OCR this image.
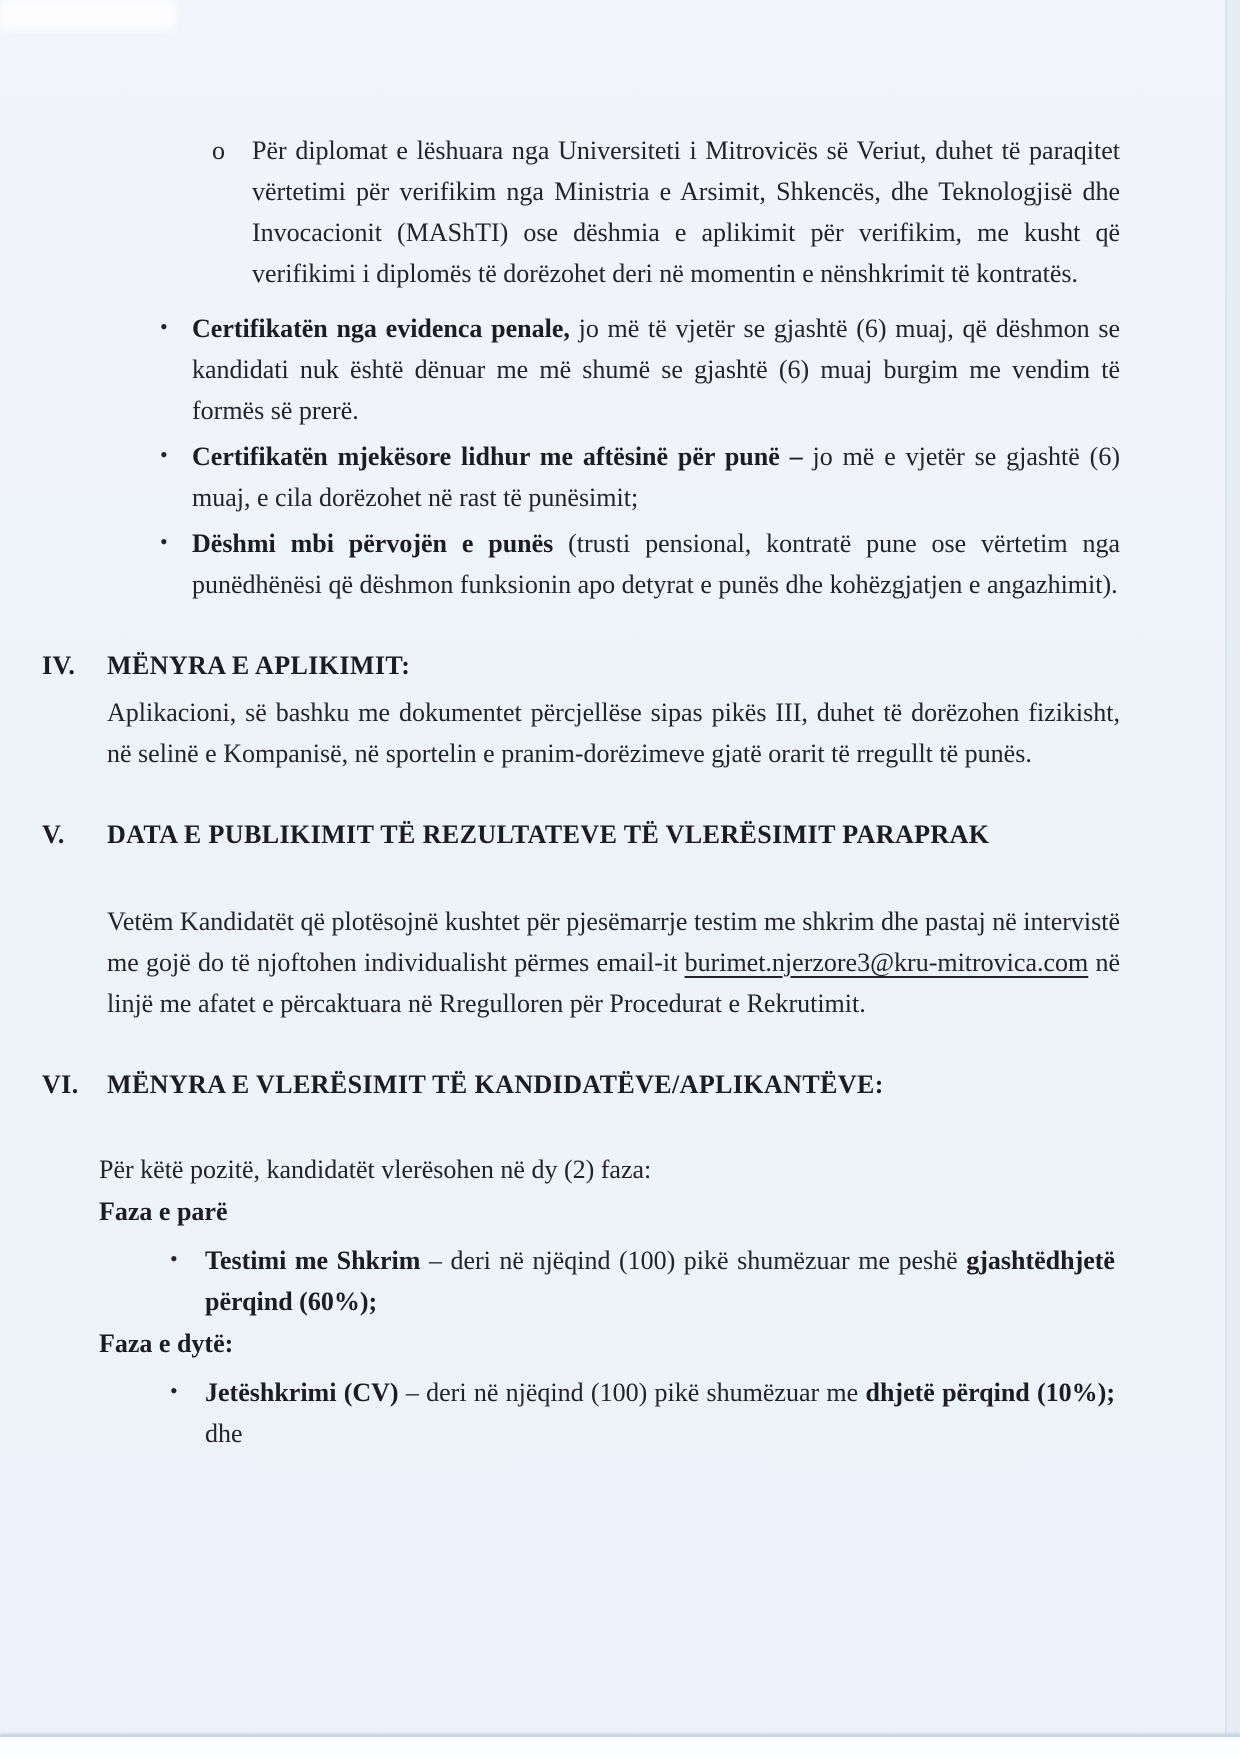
o Për diplomat e lëshuara nga Universiteti i Mitrovicës së Veriut, duhet të paraqitet vërtetimi për verifikim nga Ministria e Arsimit, Shkencës, dhe Teknologjisë dhe Invocacionit (MAShTI) ose dëshmia e aplikimit për verifikim, me kusht që verifikimi i diplomës të dorëzohet deri në momentin e nënshkrimit të kontratës.

• Certifikatën nga evidenca penale, jo më të vjetër se gjashtë (6) muaj, që dëshmon se kandidati nuk është dënuar me më shumë se gjashtë (6) muaj burgim me vendim të formës së prerë.

• Certifikatën mjekësore lidhur me aftësinë për punë – jo më e vjetër se gjashtë (6) muaj, e cila dorëzohet në rast të punësimit;

• Dëshmi mbi përvojën e punës (trusti pensional, kontratë pune ose vërtetim nga punëdhënësi që dëshmon funksionin apo detyrat e punës dhe kohëzgjatjen e angazhimit).

IV.	MËNYRA E APLIKIMIT:

Aplikacioni, së bashku me dokumentet përcjellëse sipas pikës III, duhet të dorëzohen fizikisht, në selinë e Kompanisë, në sportelin e pranim-dorëzimeve gjatë orarit të rregullt të punës.

V.	DATA E PUBLIKIMIT TË REZULTATEVE TË VLERËSIMIT PARAPRAK

Vetëm Kandidatët që plotësojnë kushtet për pjesëmarrje testim me shkrim dhe pastaj në intervistë me gojë do të njoftohen individualisht përmes email-it burimet.njerzore3@kru-mitrovica.com në linjë me afatet e përcaktuara në Rregulloren për Procedurat e Rekrutimit.

VI.	MËNYRA E VLERËSIMIT TË KANDIDATËVE/APLIKANTËVE:

Për këtë pozitë, kandidatët vlerësohen në dy (2) faza:

Faza e parë

• Testimi me Shkrim – deri në njëqind (100) pikë shumëzuar me peshë gjashtëdhjetë përqind (60%);

Faza e dytë:

• Jetëshkrimi (CV) – deri në njëqind (100) pikë shumëzuar me dhjetë përqind (10%); dhe
